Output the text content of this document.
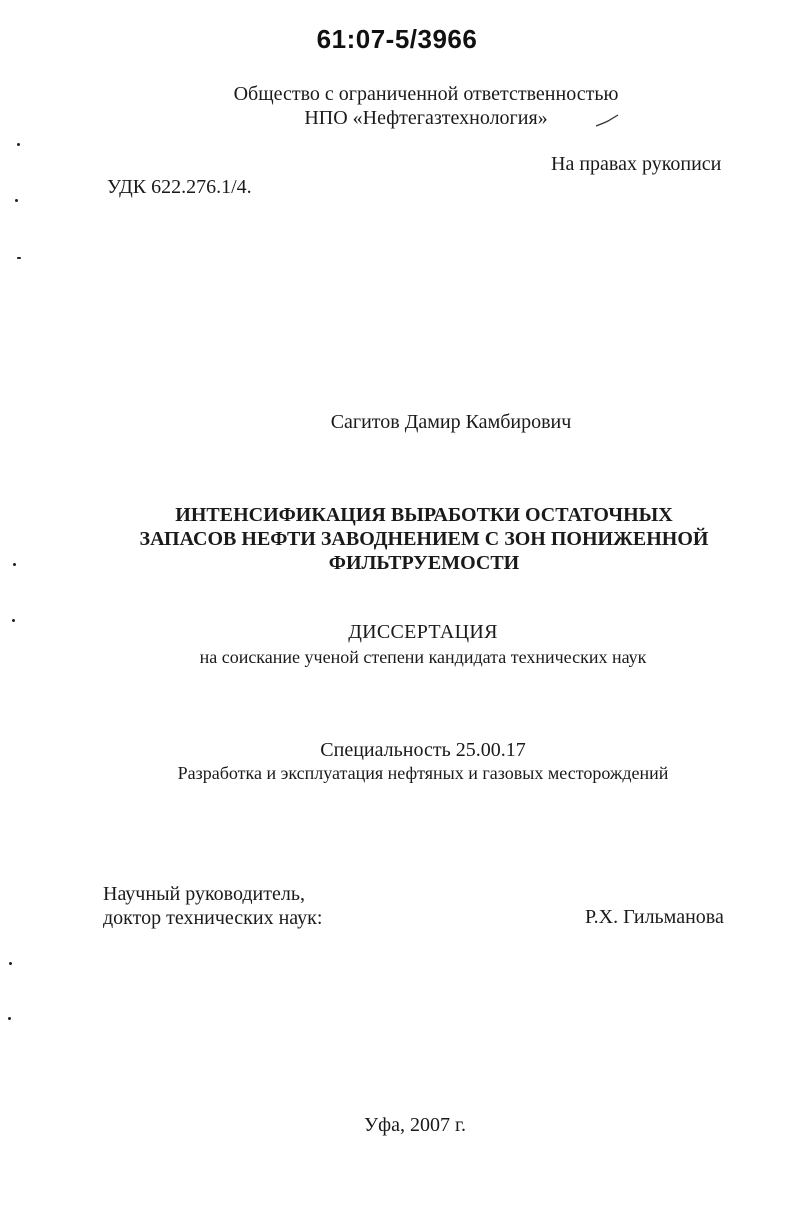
61:07-5/3966
Общество с ограниченной ответственностью
НПО «Нефтегазтехнология»
На правах рукописи
УДК 622.276.1/4.
Сагитов Дамир Камбирович
ИНТЕНСИФИКАЦИЯ ВЫРАБОТКИ ОСТАТОЧНЫХ
ЗАПАСОВ НЕФТИ ЗАВОДНЕНИЕМ С ЗОН ПОНИЖЕННОЙ
ФИЛЬТРУЕМОСТИ
ДИССЕРТАЦИЯ
на соискание ученой степени кандидата технических наук
Специальность 25.00.17
Разработка и эксплуатация нефтяных и газовых месторождений
Научный руководитель,
доктор технических наук:	Р.Х. Гильманова
Уфа, 2007 г.
